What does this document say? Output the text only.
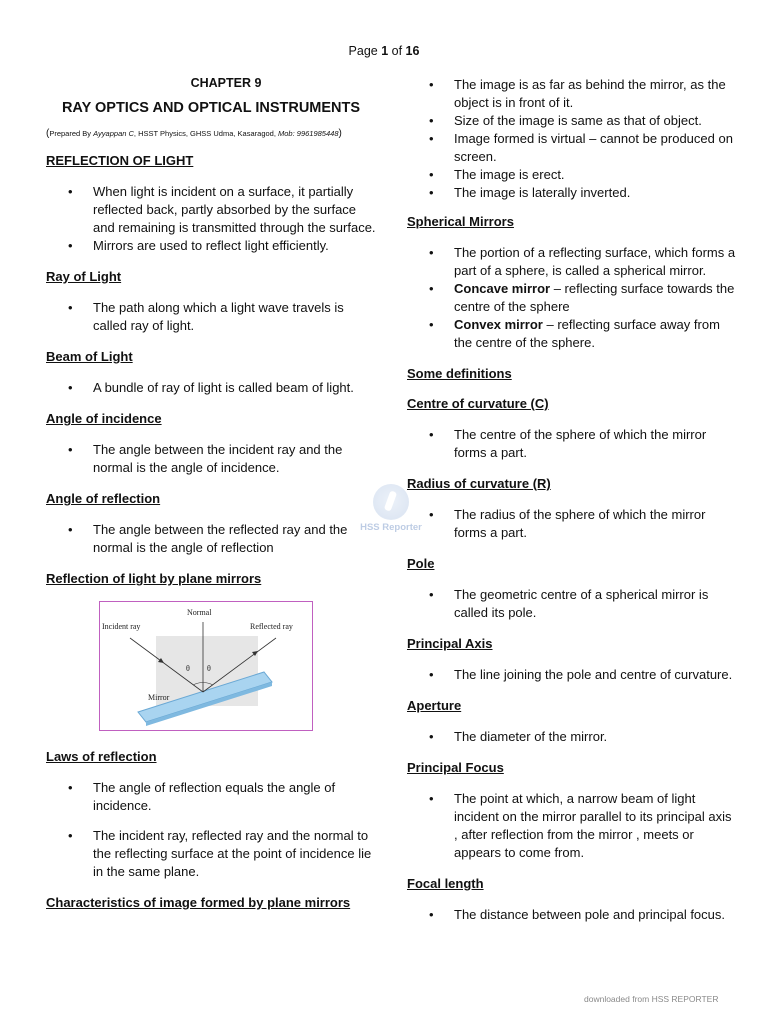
Page 1 of 16
CHAPTER 9
RAY OPTICS AND OPTICAL INSTRUMENTS
(Prepared By Ayyappan C, HSST Physics, GHSS Udma, Kasaragod, Mob: 9961985448)
REFLECTION OF LIGHT
• When light is incident on a surface, it partially reflected back, partly absorbed by the surface and remaining is transmitted through the surface.
• Mirrors are used to reflect light efficiently.
Ray of Light
• The path along which a light wave travels is called ray of light.
Beam of Light
• A bundle of ray of light is called beam of light.
Angle of incidence
• The angle between the incident ray and the normal is the angle of incidence.
Angle of reflection
• The angle between the reflected ray and the normal is the angle of reflection
Reflection of light by plane mirrors
Normal
Incident ray	Reflected ray
Mirror
θ θ
Laws of reflection
• The angle of reflection equals the angle of incidence.
• The incident ray, reflected ray and the normal to the reflecting surface at the point of incidence lie in the same plane.
Characteristics of image formed by plane mirrors
• The image is as far as behind the mirror, as the object is in front of it.
• Size of the image is same as that of object.
• Image formed is virtual – cannot be produced on screen.
• The image is erect.
• The image is laterally inverted.
Spherical Mirrors
• The portion of a reflecting surface, which forms a part of a sphere, is called a spherical mirror.
• Concave mirror – reflecting surface towards the centre of the sphere
• Convex mirror – reflecting surface away from the centre of the sphere.
Some definitions
Centre of curvature (C)
• The centre of the sphere of which the mirror forms a part.
Radius of curvature (R)
• The radius of the sphere of which the mirror forms a part.
Pole
• The geometric centre of a spherical mirror is called its pole.
Principal Axis
• The line joining the pole and centre of curvature.
Aperture
• The diameter of the mirror.
Principal Focus
• The point at which, a narrow beam of light incident on the mirror parallel to its principal axis , after reflection from the mirror , meets or appears to come from.
Focal length
• The distance between pole and principal focus.
HSS Reporter
downloaded from HSS REPORTER
